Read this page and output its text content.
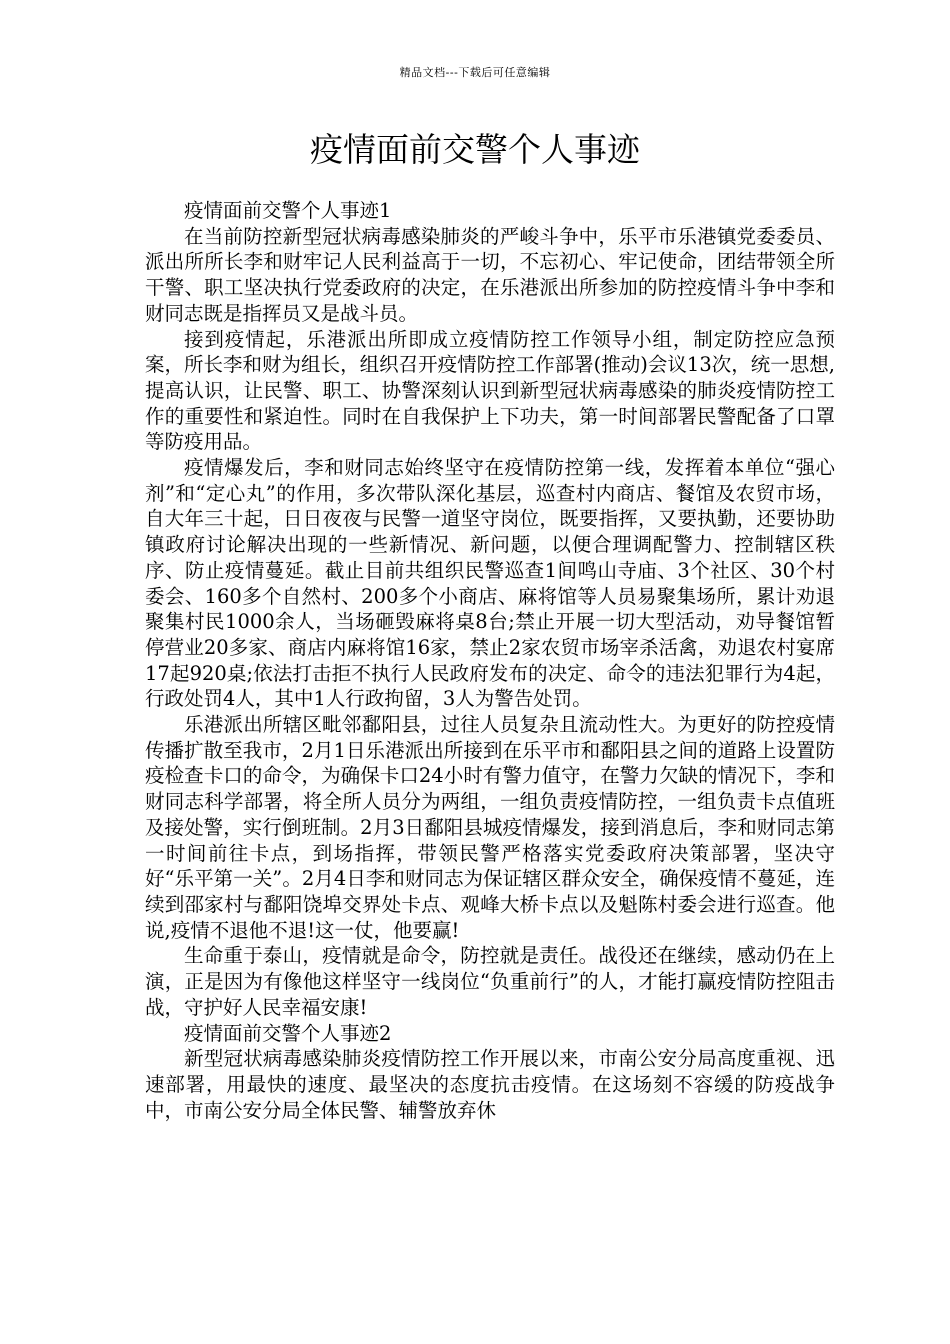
精品文档---下载后可任意编辑
疫情面前交警个人事迹

疫情面前交警个人事迹1

在当前防控新型冠状病毒感染肺炎的严峻斗争中，乐平市乐港镇党委委员、派出所所长李和财牢记人民利益高于一切，不忘初心、牢记使命，团结带领全所干警、职工坚决执行党委政府的决定，在乐港派出所参加的防控疫情斗争中李和财同志既是指挥员又是战斗员。

接到疫情起，乐港派出所即成立疫情防控工作领导小组，制定防控应急预案，所长李和财为组长，组织召开疫情防控工作部署(推动)会议13次，统一思想,提高认识，让民警、职工、协警深刻认识到新型冠状病毒感染的肺炎疫情防控工作的重要性和紧迫性。同时在自我保护上下功夫，第一时间部署民警配备了口罩等防疫用品。

疫情爆发后，李和财同志始终坚守在疫情防控第一线，发挥着本单位“强心剂”和“定心丸”的作用，多次带队深化基层，巡查村内商店、餐馆及农贸市场，自大年三十起，日日夜夜与民警一道坚守岗位，既要指挥，又要执勤，还要协助镇政府讨论解决出现的一些新情况、新问题，以便合理调配警力、控制辖区秩序、防止疫情蔓延。截止目前共组织民警巡查1间鸣山寺庙、3个社区、30个村委会、160多个自然村、200多个小商店、麻将馆等人员易聚集场所，累计劝退聚集村民1000余人，当场砸毁麻将桌8台;禁止开展一切大型活动，劝导餐馆暂停营业20多家、商店内麻将馆16家，禁止2家农贸市场宰杀活禽，劝退农村宴席17起920桌;依法打击拒不执行人民政府发布的决定、命令的违法犯罪行为4起，行政处罚4人，其中1人行政拘留，3人为警告处罚。

乐港派出所辖区毗邻鄱阳县，过往人员复杂且流动性大。为更好的防控疫情传播扩散至我市，2月1日乐港派出所接到在乐平市和鄱阳县之间的道路上设置防疫检查卡口的命令，为确保卡口24小时有警力值守，在警力欠缺的情况下，李和财同志科学部署，将全所人员分为两组，一组负责疫情防控，一组负责卡点值班及接处警，实行倒班制。2月3日鄱阳县城疫情爆发，接到消息后，李和财同志第一时间前往卡点，到场指挥，带领民警严格落实党委政府决策部署，坚决守好“乐平第一关”。2月4日李和财同志为保证辖区群众安全，确保疫情不蔓延，连续到邵家村与鄱阳饶埠交界处卡点、观峰大桥卡点以及魁陈村委会进行巡查。他说,疫情不退他不退!这一仗，他要赢!

生命重于泰山，疫情就是命令，防控就是责任。战役还在继续，感动仍在上演，正是因为有像他这样坚守一线岗位“负重前行”的人，才能打赢疫情防控阻击战，守护好人民幸福安康!

疫情面前交警个人事迹2

新型冠状病毒感染肺炎疫情防控工作开展以来，市南公安分局高度重视、迅速部署，用最快的速度、最坚决的态度抗击疫情。在这场刻不容缓的防疫战争中，市南公安分局全体民警、辅警放弃休
